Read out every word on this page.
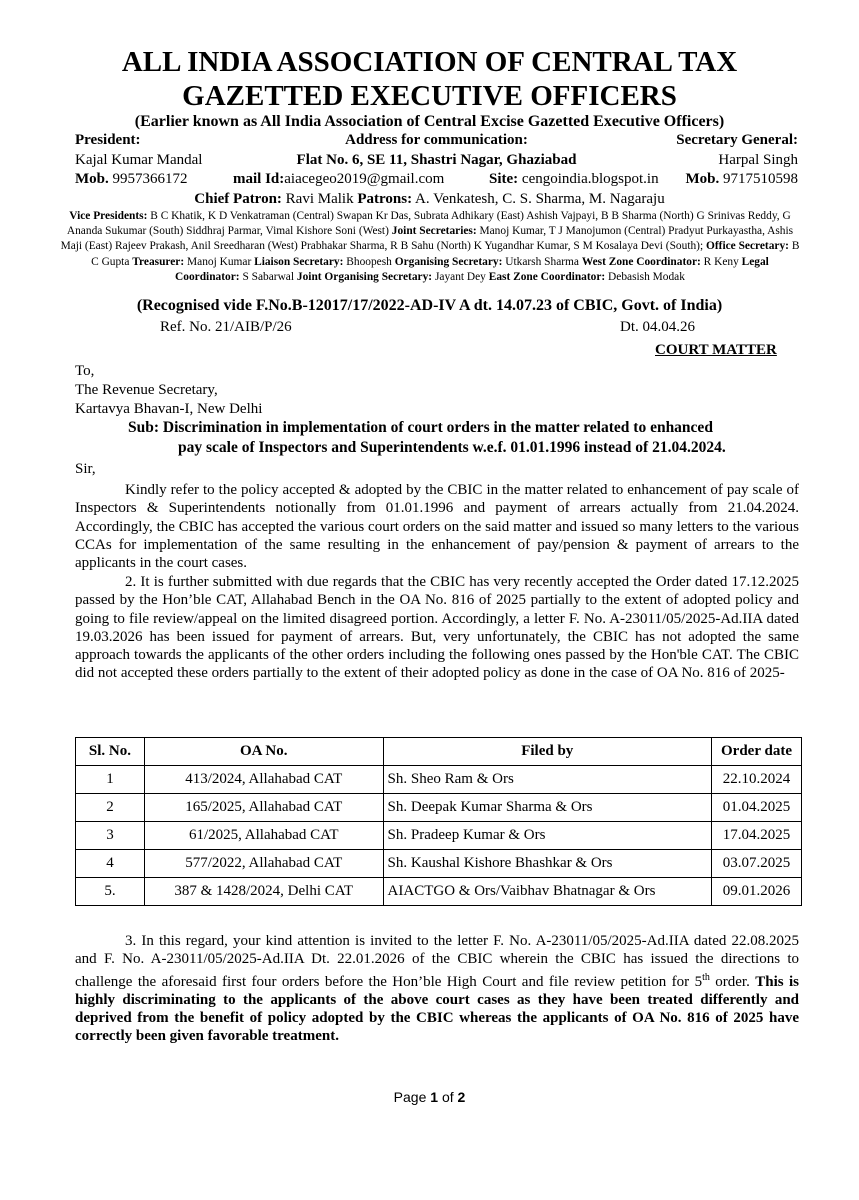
ALL INDIA ASSOCIATION OF CENTRAL TAX
GAZETTED EXECUTIVE OFFICERS
(Earlier known as All India Association of Central Excise Gazetted Executive Officers)
President:	Address for communication:	Secretary General:
Kajal Kumar Mandal	Flat No. 6, SE 11, Shastri Nagar, Ghaziabad	Harpal Singh
Mob. 9957366172	mail Id:aiacegeo2019@gmail.com	Site: cengoindia.blogspot.in Mob. 9717510598
Chief Patron: Ravi Malik Patrons: A. Venkatesh, C. S. Sharma, M. Nagaraju
Vice Presidents: B C Khatik, K D Venkatraman (Central) Swapan Kr Das, Subrata Adhikary (East) Ashish Vajpayi, B B Sharma (North) G Srinivas Reddy, G Ananda Sukumar (South) Siddhraj Parmar, Vimal Kishore Soni (West) Joint Secretaries: Manoj Kumar, T J Manojumon (Central) Pradyut Purkayastha, Ashis Maji (East) Rajeev Prakash, Anil Sreedharan (West) Prabhakar Sharma, R B Sahu (North) K Yugandhar Kumar, S M Kosalaya Devi (South); Office Secretary: B C Gupta Treasurer: Manoj Kumar Liaison Secretary: Bhoopesh Organising Secretary: Utkarsh Sharma West Zone Coordinator: R Keny Legal Coordinator: S Sabarwal Joint Organising Secretary: Jayant Dey East Zone Coordinator: Debasish Modak
(Recognised vide F.No.B-12017/17/2022-AD-IV A dt. 14.07.23 of CBIC, Govt. of India)
Ref. No. 21/AIB/P/26	Dt. 04.04.26
COURT MATTER
To,
The Revenue Secretary,
Kartavya Bhavan-I, New Delhi
Sub: Discrimination in implementation of court orders in the matter related to enhanced
pay scale of Inspectors and Superintendents w.e.f. 01.01.1996 instead of 21.04.2024.
Sir,
Kindly refer to the policy accepted & adopted by the CBIC in the matter related to enhancement of pay scale of Inspectors & Superintendents notionally from 01.01.1996 and payment of arrears actually from 21.04.2024. Accordingly, the CBIC has accepted the various court orders on the said matter and issued so many letters to the various CCAs for implementation of the same resulting in the enhancement of pay/pension & payment of arrears to the applicants in the court cases.
2. It is further submitted with due regards that the CBIC has very recently accepted the Order dated 17.12.2025 passed by the Hon’ble CAT, Allahabad Bench in the OA No. 816 of 2025 partially to the extent of adopted policy and going to file review/appeal on the limited disagreed portion. Accordingly, a letter F. No. A-23011/05/2025-Ad.IIA dated 19.03.2026 has been issued for payment of arrears. But, very unfortunately, the CBIC has not adopted the same approach towards the applicants of the other orders including the following ones passed by the Hon'ble CAT. The CBIC did not accepted these orders partially to the extent of their adopted policy as done in the case of OA No. 816 of 2025-
Sl. No.	OA No.	Filed by	Order date
1	413/2024, Allahabad CAT	Sh. Sheo Ram & Ors	22.10.2024
2	165/2025, Allahabad CAT	Sh. Deepak Kumar Sharma & Ors	01.04.2025
3	61/2025, Allahabad CAT	Sh. Pradeep Kumar & Ors	17.04.2025
4	577/2022, Allahabad CAT	Sh. Kaushal Kishore Bhashkar & Ors	03.07.2025
5.	387 & 1428/2024, Delhi CAT	AIACTGO & Ors/Vaibhav Bhatnagar & Ors	09.01.2026
3. In this regard, your kind attention is invited to the letter F. No. A-23011/05/2025-Ad.IIA dated 22.08.2025 and F. No. A-23011/05/2025-Ad.IIA Dt. 22.01.2026 of the CBIC wherein the CBIC has issued the directions to challenge the aforesaid first four orders before the Hon’ble High Court and file review petition for 5th order. This is highly discriminating to the applicants of the above court cases as they have been treated differently and deprived from the benefit of policy adopted by the CBIC whereas the applicants of OA No. 816 of 2025 have correctly been given favorable treatment.
Page 1 of 2
